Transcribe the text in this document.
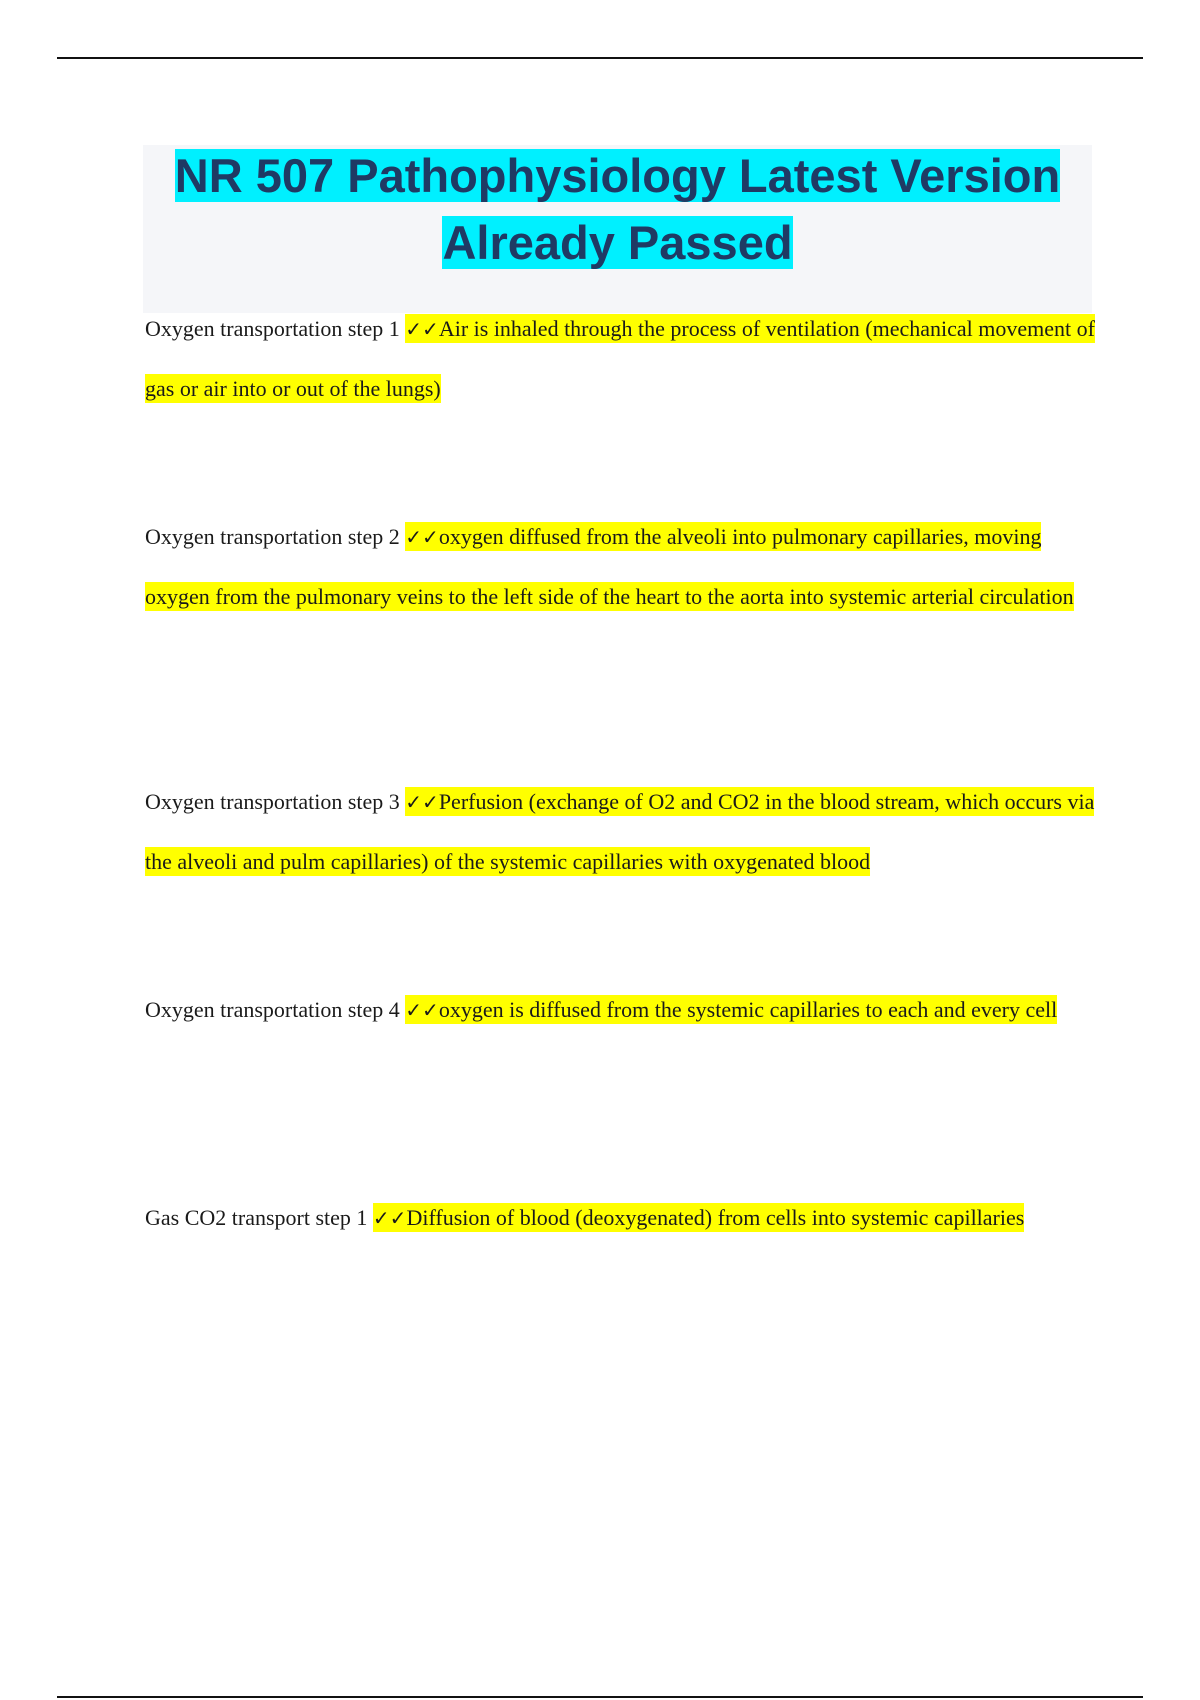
NR 507 Pathophysiology Latest Version Already Passed
Oxygen transportation step 1 ✓✓Air is inhaled through the process of ventilation (mechanical movement of gas or air into or out of the lungs)
Oxygen transportation step 2 ✓✓oxygen diffused from the alveoli into pulmonary capillaries, moving oxygen from the pulmonary veins to the left side of the heart to the aorta into systemic arterial circulation
Oxygen transportation step 3 ✓✓Perfusion (exchange of O2 and CO2 in the blood stream, which occurs via the alveoli and pulm capillaries) of the systemic capillaries with oxygenated blood
Oxygen transportation step 4 ✓✓oxygen is diffused from the systemic capillaries to each and every cell
Gas CO2 transport step 1 ✓✓Diffusion of blood (deoxygenated) from cells into systemic capillaries
